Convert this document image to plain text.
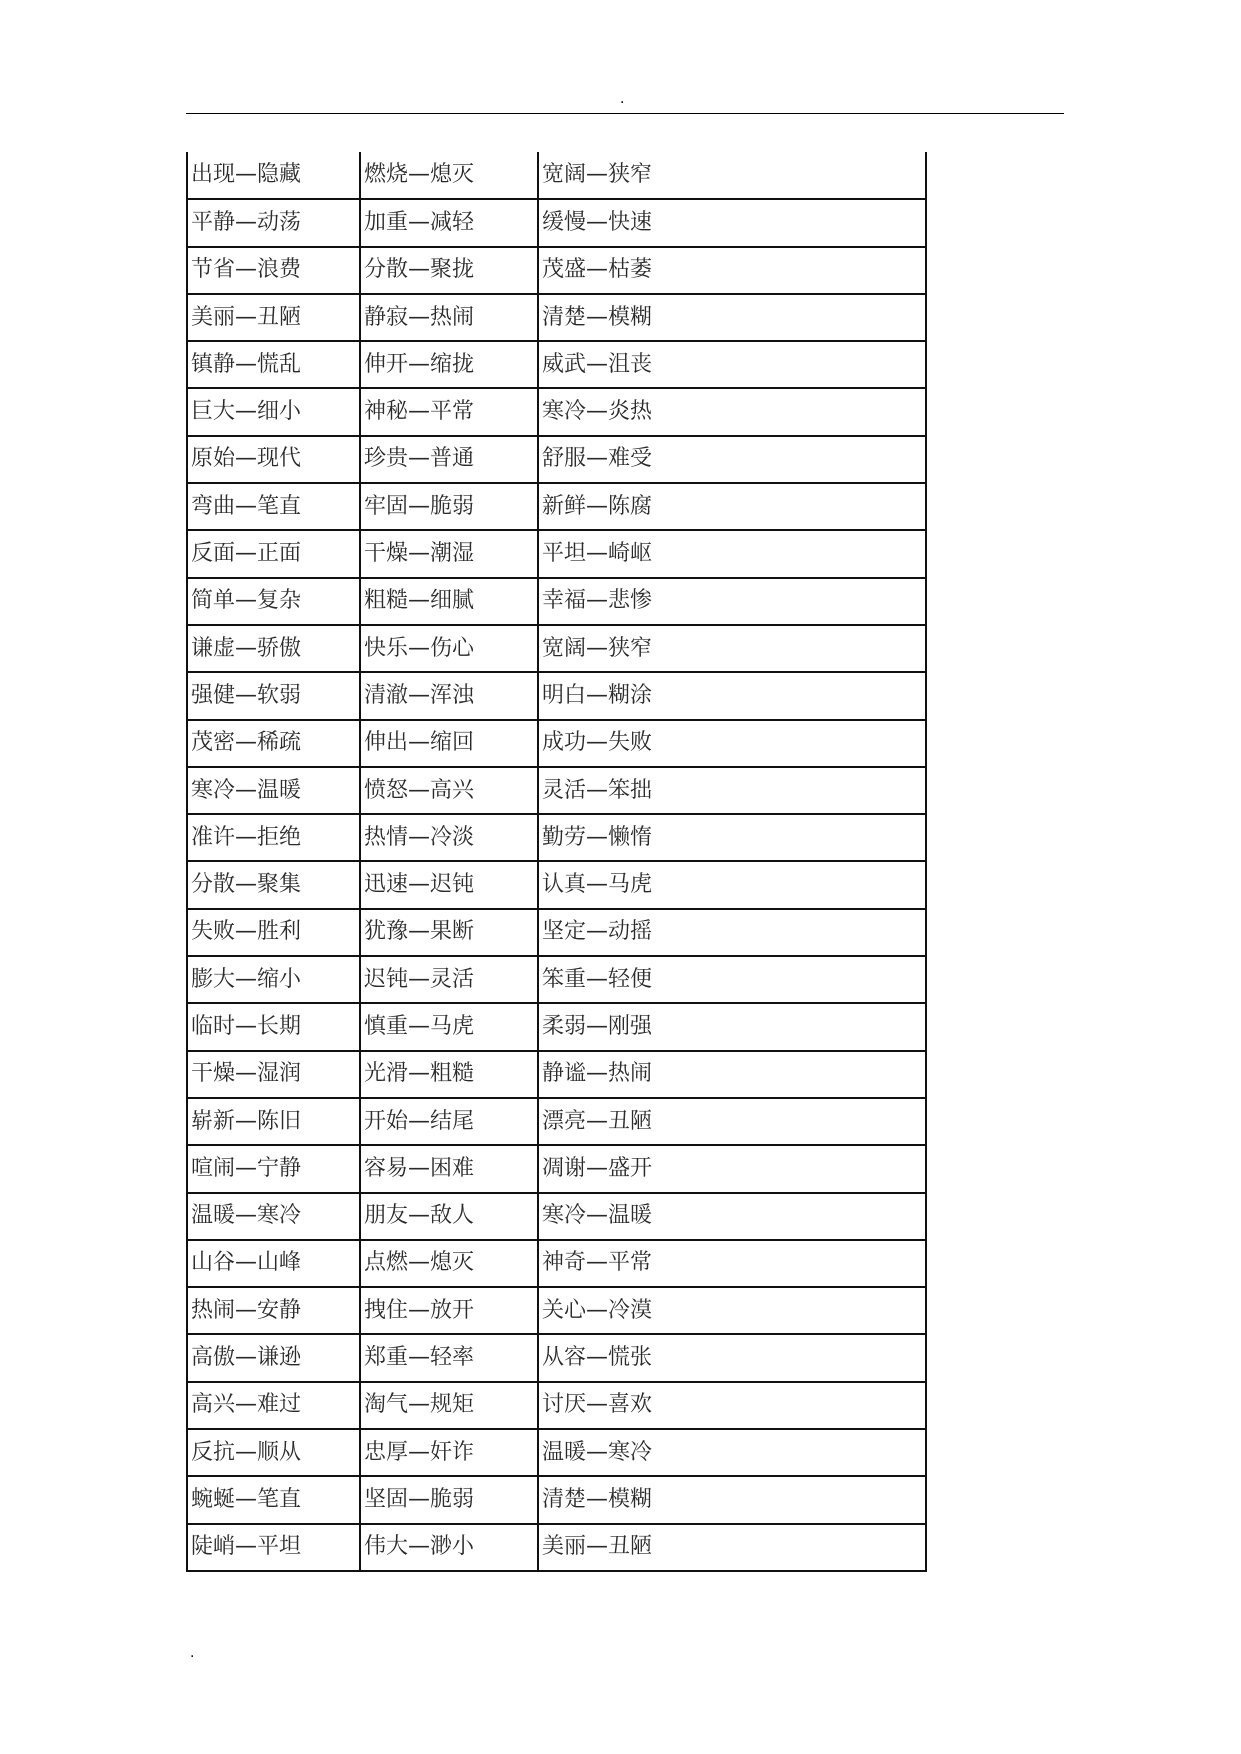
.
出现—隐藏	燃烧—熄灭	宽阔—狭窄
平静—动荡	加重—减轻	缓慢—快速
节省—浪费	分散—聚拢	茂盛—枯萎
美丽—丑陋	静寂—热闹	清楚—模糊
镇静—慌乱	伸开—缩拢	威武—沮丧
巨大—细小	神秘—平常	寒冷—炎热
原始—现代	珍贵—普通	舒服—难受
弯曲—笔直	牢固—脆弱	新鲜—陈腐
反面—正面	干燥—潮湿	平坦—崎岖
简单—复杂	粗糙—细腻	幸福—悲惨
谦虚—骄傲	快乐—伤心	宽阔—狭窄
强健—软弱	清澈—浑浊	明白—糊涂
茂密—稀疏	伸出—缩回	成功—失败
寒冷—温暖	愤怒—高兴	灵活—笨拙
准许—拒绝	热情—冷淡	勤劳—懒惰
分散—聚集	迅速—迟钝	认真—马虎
失败—胜利	犹豫—果断	坚定—动摇
膨大—缩小	迟钝—灵活	笨重—轻便
临时—长期	慎重—马虎	柔弱—刚强
干燥—湿润	光滑—粗糙	静谧—热闹
崭新—陈旧	开始—结尾	漂亮—丑陋
喧闹—宁静	容易—困难	凋谢—盛开
温暖—寒冷	朋友—敌人	寒冷—温暖
山谷—山峰	点燃—熄灭	神奇—平常
热闹—安静	拽住—放开	关心—冷漠
高傲—谦逊	郑重—轻率	从容—慌张
高兴—难过	淘气—规矩	讨厌—喜欢
反抗—顺从	忠厚—奸诈	温暖—寒冷
蜿蜒—笔直	坚固—脆弱	清楚—模糊
陡峭—平坦	伟大—渺小	美丽—丑陋
.
